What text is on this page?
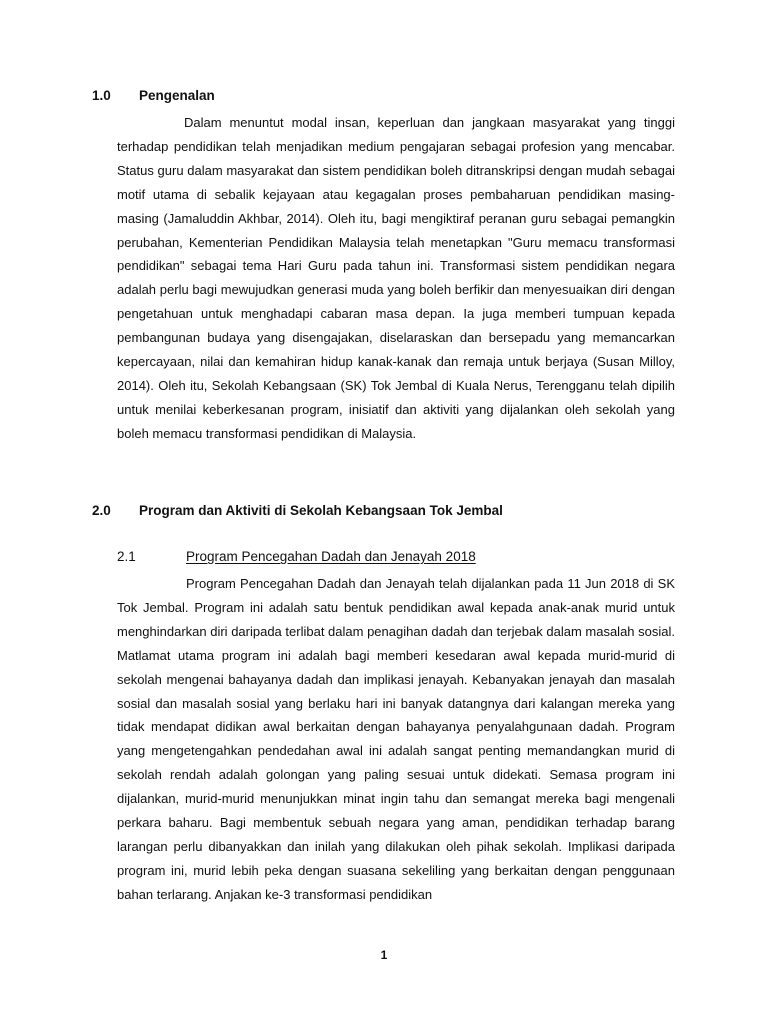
1.0 Pengenalan
Dalam menuntut modal insan, keperluan dan jangkaan masyarakat yang tinggi terhadap pendidikan telah menjadikan medium pengajaran sebagai profesion yang mencabar. Status guru dalam masyarakat dan sistem pendidikan boleh ditranskripsi dengan mudah sebagai motif utama di sebalik kejayaan atau kegagalan proses pembaharuan pendidikan masing-masing (Jamaluddin Akhbar, 2014). Oleh itu, bagi mengiktiraf peranan guru sebagai pemangkin perubahan, Kementerian Pendidikan Malaysia telah menetapkan "Guru memacu transformasi pendidikan" sebagai tema Hari Guru pada tahun ini. Transformasi sistem pendidikan negara adalah perlu bagi mewujudkan generasi muda yang boleh berfikir dan menyesuaikan diri dengan pengetahuan untuk menghadapi cabaran masa depan. Ia juga memberi tumpuan kepada pembangunan budaya yang disengajakan, diselaraskan dan bersepadu yang memancarkan kepercayaan, nilai dan kemahiran hidup kanak-kanak dan remaja untuk berjaya (Susan Milloy, 2014). Oleh itu, Sekolah Kebangsaan (SK) Tok Jembal di Kuala Nerus, Terengganu telah dipilih untuk menilai keberkesanan program, inisiatif dan aktiviti yang dijalankan oleh sekolah yang boleh memacu transformasi pendidikan di Malaysia.
2.0 Program dan Aktiviti di Sekolah Kebangsaan Tok Jembal
2.1	Program Pencegahan Dadah dan Jenayah 2018
Program Pencegahan Dadah dan Jenayah telah dijalankan pada 11 Jun 2018 di SK Tok Jembal. Program ini adalah satu bentuk pendidikan awal kepada anak-anak murid untuk menghindarkan diri daripada terlibat dalam penagihan dadah dan terjebak dalam masalah sosial. Matlamat utama program ini adalah bagi memberi kesedaran awal kepada murid-murid di sekolah mengenai bahayanya dadah dan implikasi jenayah. Kebanyakan jenayah dan masalah sosial dan masalah sosial yang berlaku hari ini banyak datangnya dari kalangan mereka yang tidak mendapat didikan awal berkaitan dengan bahayanya penyalahgunaan dadah. Program yang mengetengahkan pendedahan awal ini adalah sangat penting memandangkan murid di sekolah rendah adalah golongan yang paling sesuai untuk didekati. Semasa program ini dijalankan, murid-murid menunjukkan minat ingin tahu dan semangat mereka bagi mengenali perkara baharu. Bagi membentuk sebuah negara yang aman, pendidikan terhadap barang larangan perlu dibanyakkan dan inilah yang dilakukan oleh pihak sekolah. Implikasi daripada program ini, murid lebih peka dengan suasana sekeliling yang berkaitan dengan penggunaan bahan terlarang. Anjakan ke-3 transformasi pendidikan
1
